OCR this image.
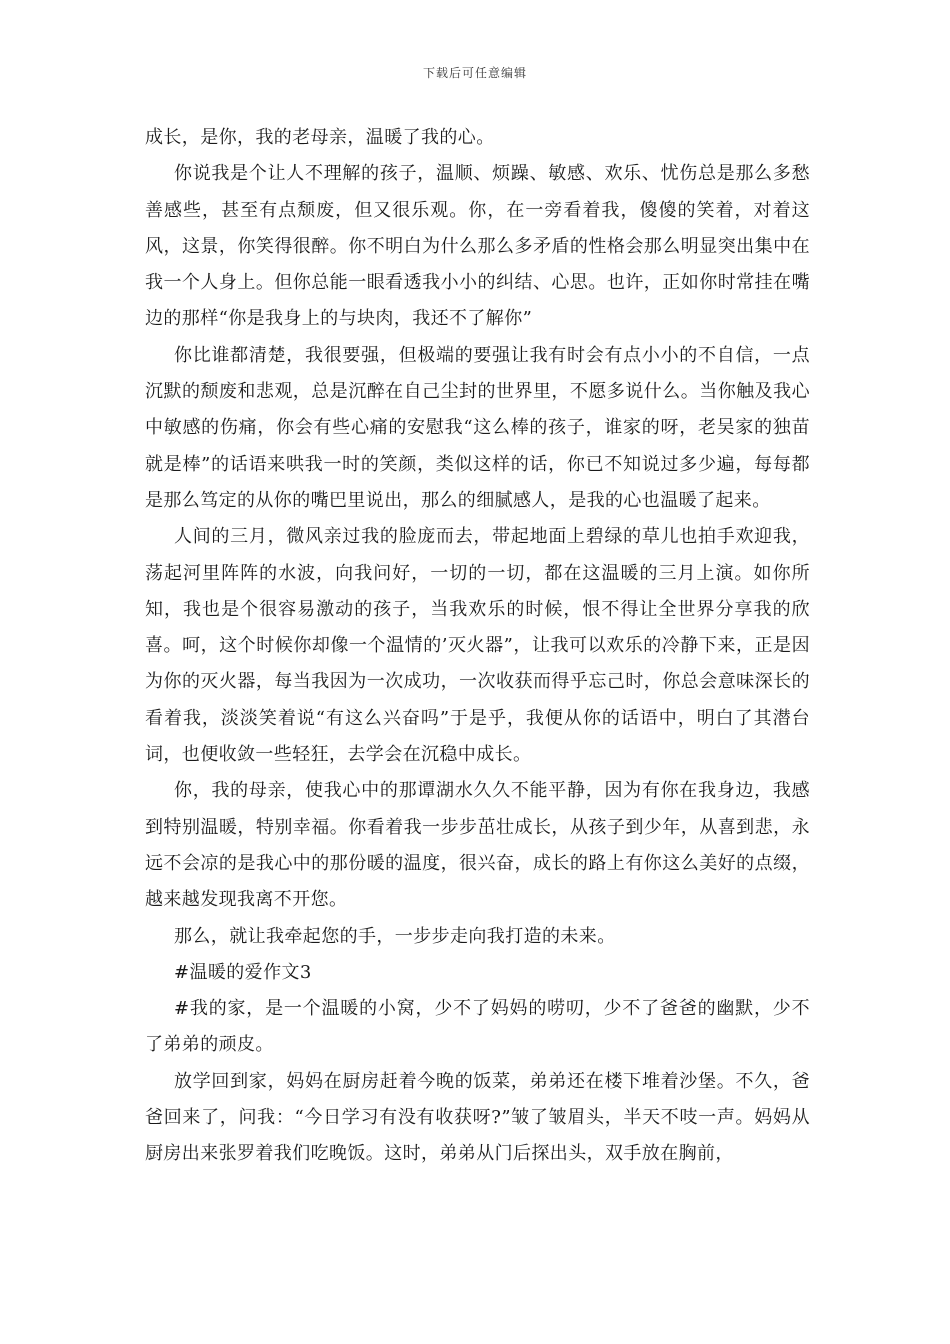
下载后可任意编辑

成长，是你，我的老母亲，温暖了我的心。

你说我是个让人不理解的孩子，温顺、烦躁、敏感、欢乐、忧伤总是那么多愁善感些，甚至有点颓废，但又很乐观。你，在一旁看着我，傻傻的笑着，对着这风，这景，你笑得很醉。你不明白为什么那么多矛盾的性格会那么明显突出集中在我一个人身上。但你总能一眼看透我小小的纠结、心思。也许，正如你时常挂在嘴边的那样“你是我身上的与块肉，我还不了解你”

你比谁都清楚，我很要强，但极端的要强让我有时会有点小小的不自信，一点沉默的颓废和悲观，总是沉醉在自己尘封的世界里，不愿多说什么。当你触及我心中敏感的伤痛，你会有些心痛的安慰我“这么棒的孩子，谁家的呀，老吴家的独苗就是棒”的话语来哄我一时的笑颜，类似这样的话，你已不知说过多少遍，每每都是那么笃定的从你的嘴巴里说出，那么的细腻感人，是我的心也温暖了起来。

人间的三月，微风亲过我的脸庞而去，带起地面上碧绿的草儿也拍手欢迎我，荡起河里阵阵的水波，向我问好，一切的一切，都在这温暖的三月上演。如你所知，我也是个很容易激动的孩子，当我欢乐的时候，恨不得让全世界分享我的欣喜。呵，这个时候你却像一个温情的’灭火器”，让我可以欢乐的冷静下来，正是因为你的灭火器，每当我因为一次成功，一次收获而得乎忘己时，你总会意味深长的看着我，淡淡笑着说“有这么兴奋吗”于是乎，我便从你的话语中，明白了其潜台词，也便收敛一些轻狂，去学会在沉稳中成长。

你，我的母亲，使我心中的那谭湖水久久不能平静，因为有你在我身边，我感到特别温暖，特别幸福。你看着我一步步茁壮成长，从孩子到少年，从喜到悲，永远不会凉的是我心中的那份暖的温度，很兴奋，成长的路上有你这么美好的点缀，越来越发现我离不开您。

那么，就让我牵起您的手，一步步走向我打造的未来。

#温暖的爱作文3

#我的家，是一个温暖的小窝，少不了妈妈的唠叨，少不了爸爸的幽默，少不了弟弟的顽皮。

放学回到家，妈妈在厨房赶着今晚的饭菜，弟弟还在楼下堆着沙堡。不久，爸爸回来了，问我：“今日学习有没有收获呀?”皱了皱眉头，半天不吱一声。妈妈从厨房出来张罗着我们吃晚饭。这时，弟弟从门后探出头，双手放在胸前，
